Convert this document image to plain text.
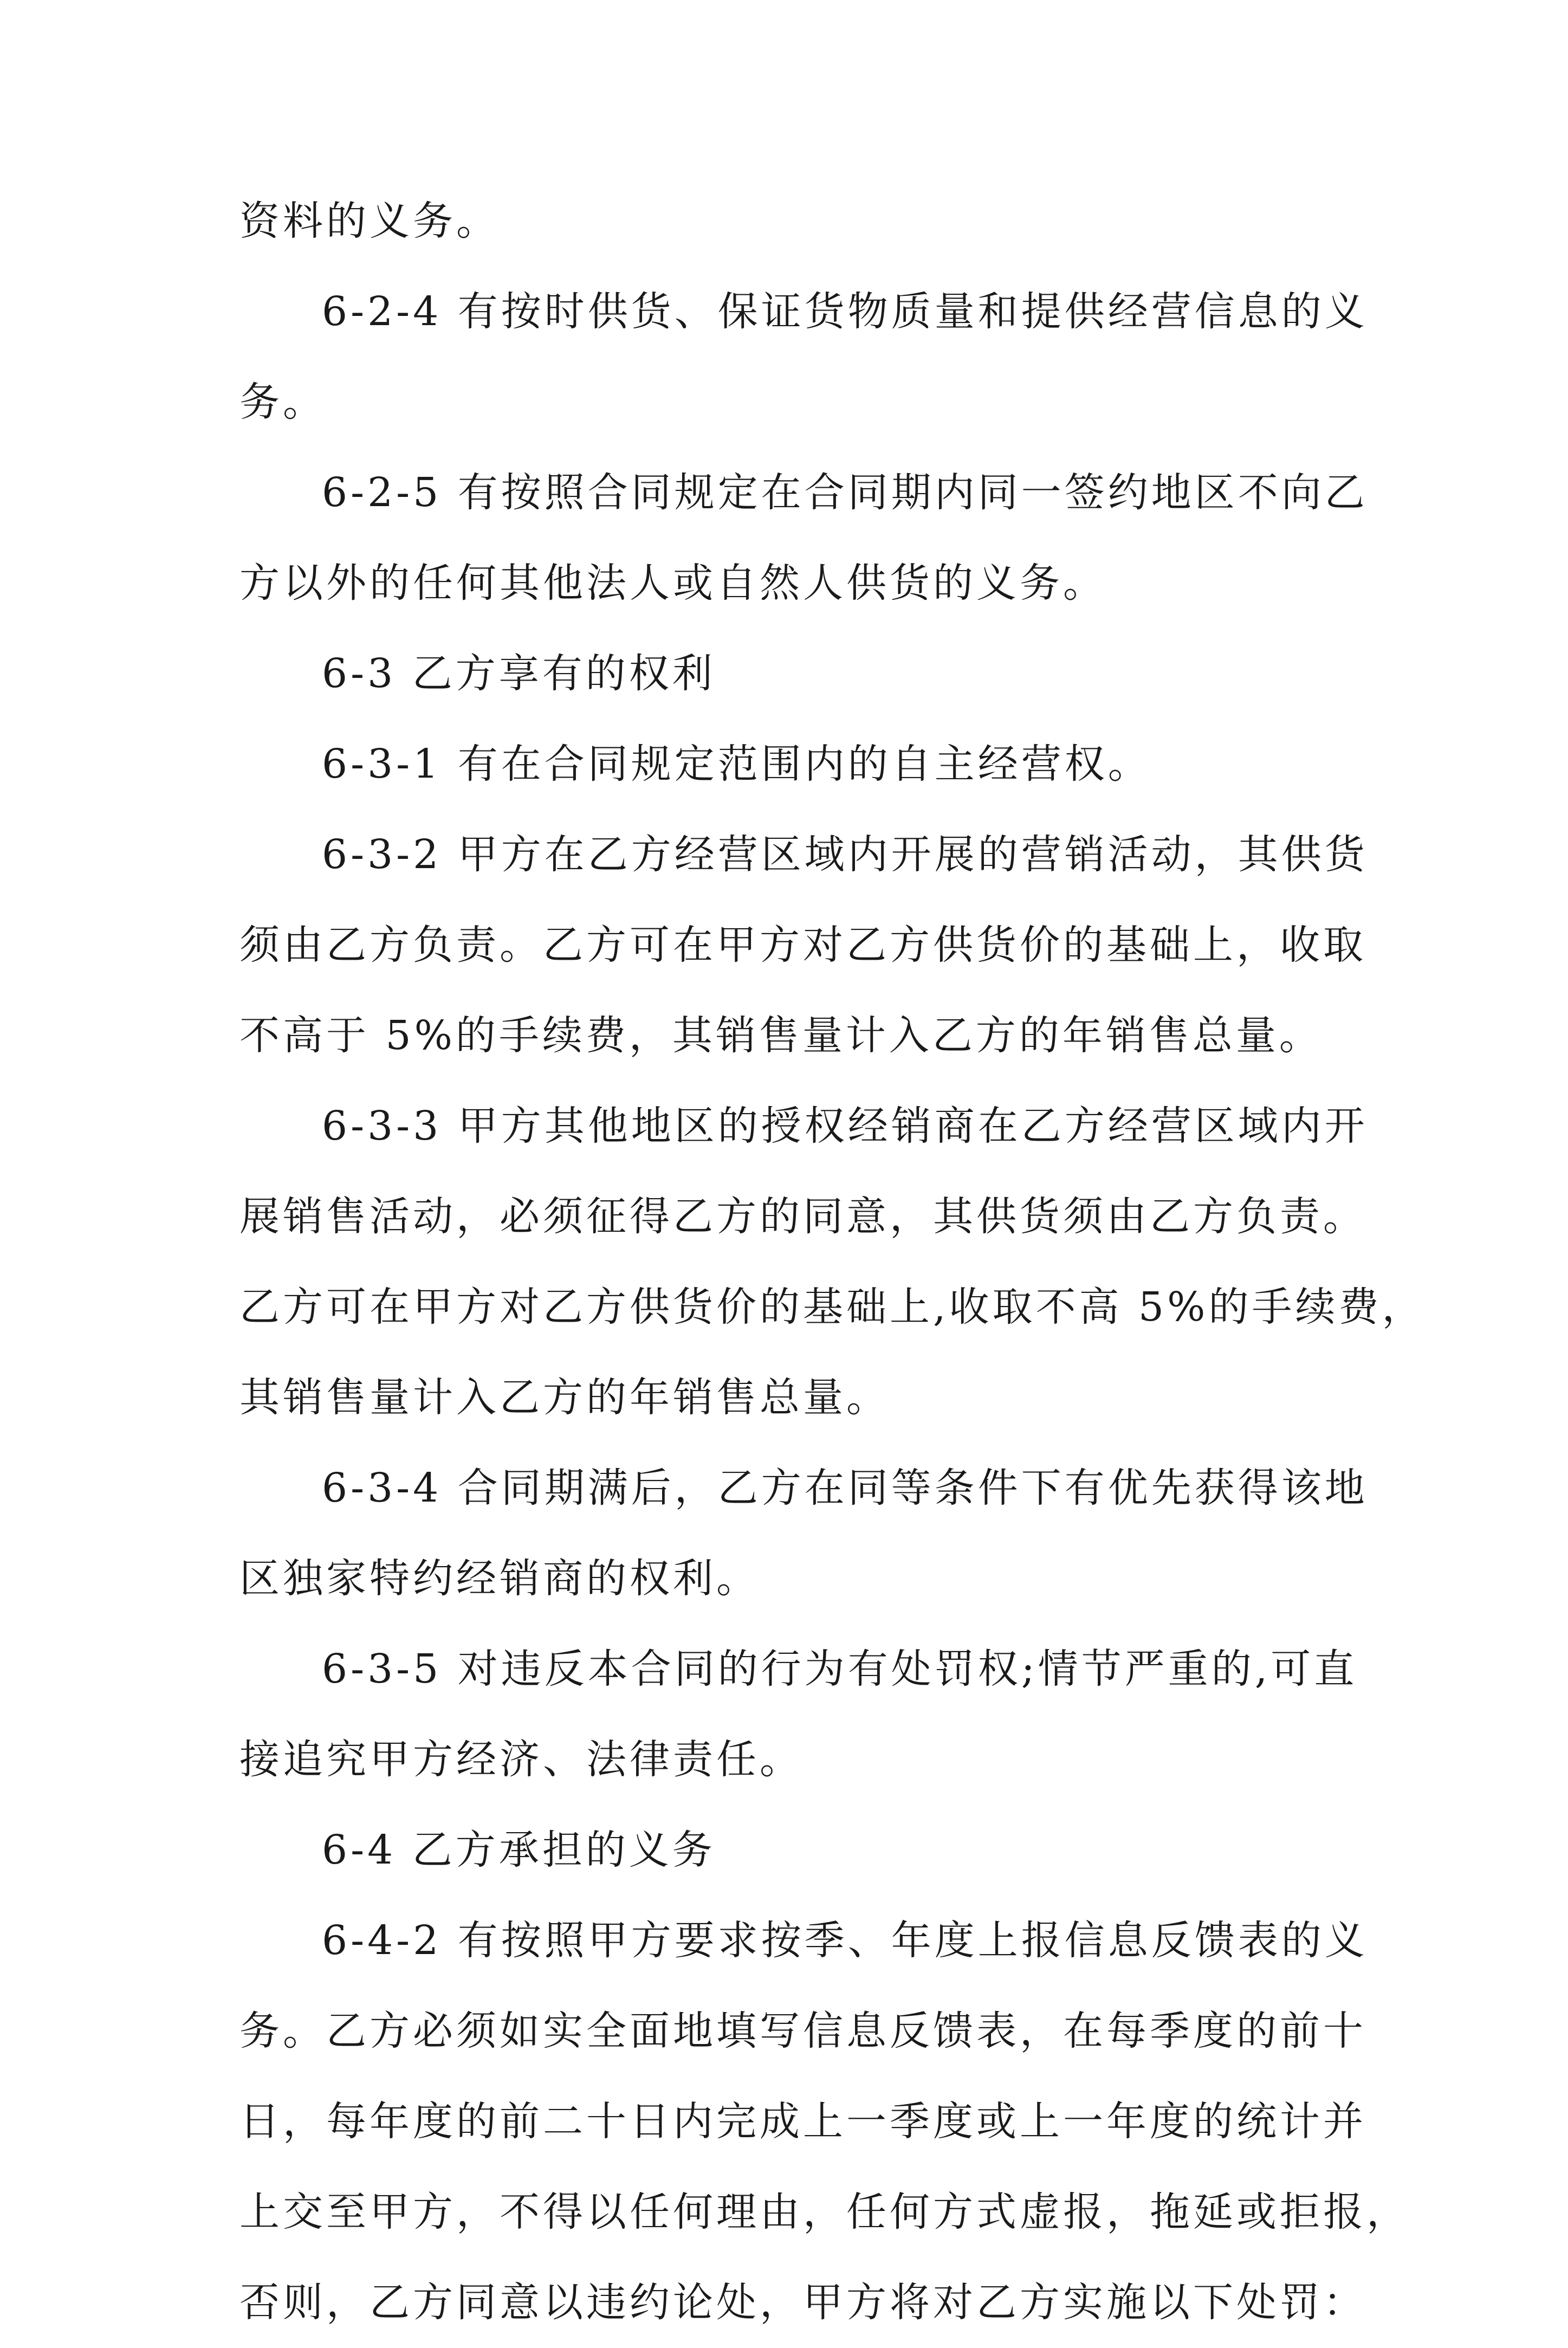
资料的义务。
6-2-4 有按时供货、保证货物质量和提供经营信息的义
务。
6-2-5 有按照合同规定在合同期内同一签约地区不向乙
方以外的任何其他法人或自然人供货的义务。
6-3 乙方享有的权利
6-3-1 有在合同规定范围内的自主经营权。
6-3-2 甲方在乙方经营区域内开展的营销活动，其供货
须由乙方负责。乙方可在甲方对乙方供货价的基础上，收取
不高于 5%的手续费，其销售量计入乙方的年销售总量。
6-3-3 甲方其他地区的授权经销商在乙方经营区域内开
展销售活动，必须征得乙方的同意，其供货须由乙方负责。
乙方可在甲方对乙方供货价的基础上,收取不高 5%的手续费，
其销售量计入乙方的年销售总量。
6-3-4 合同期满后，乙方在同等条件下有优先获得该地
区独家特约经销商的权利。
6-3-5 对违反本合同的行为有处罚权;情节严重的,可直
接追究甲方经济、法律责任。
6-4 乙方承担的义务
6-4-2 有按照甲方要求按季、年度上报信息反馈表的义
务。乙方必须如实全面地填写信息反馈表，在每季度的前十
日，每年度的前二十日内完成上一季度或上一年度的统计并
上交至甲方，不得以任何理由，任何方式虚报，拖延或拒报，
否则，乙方同意以违约论处，甲方将对乙方实施以下处罚：
